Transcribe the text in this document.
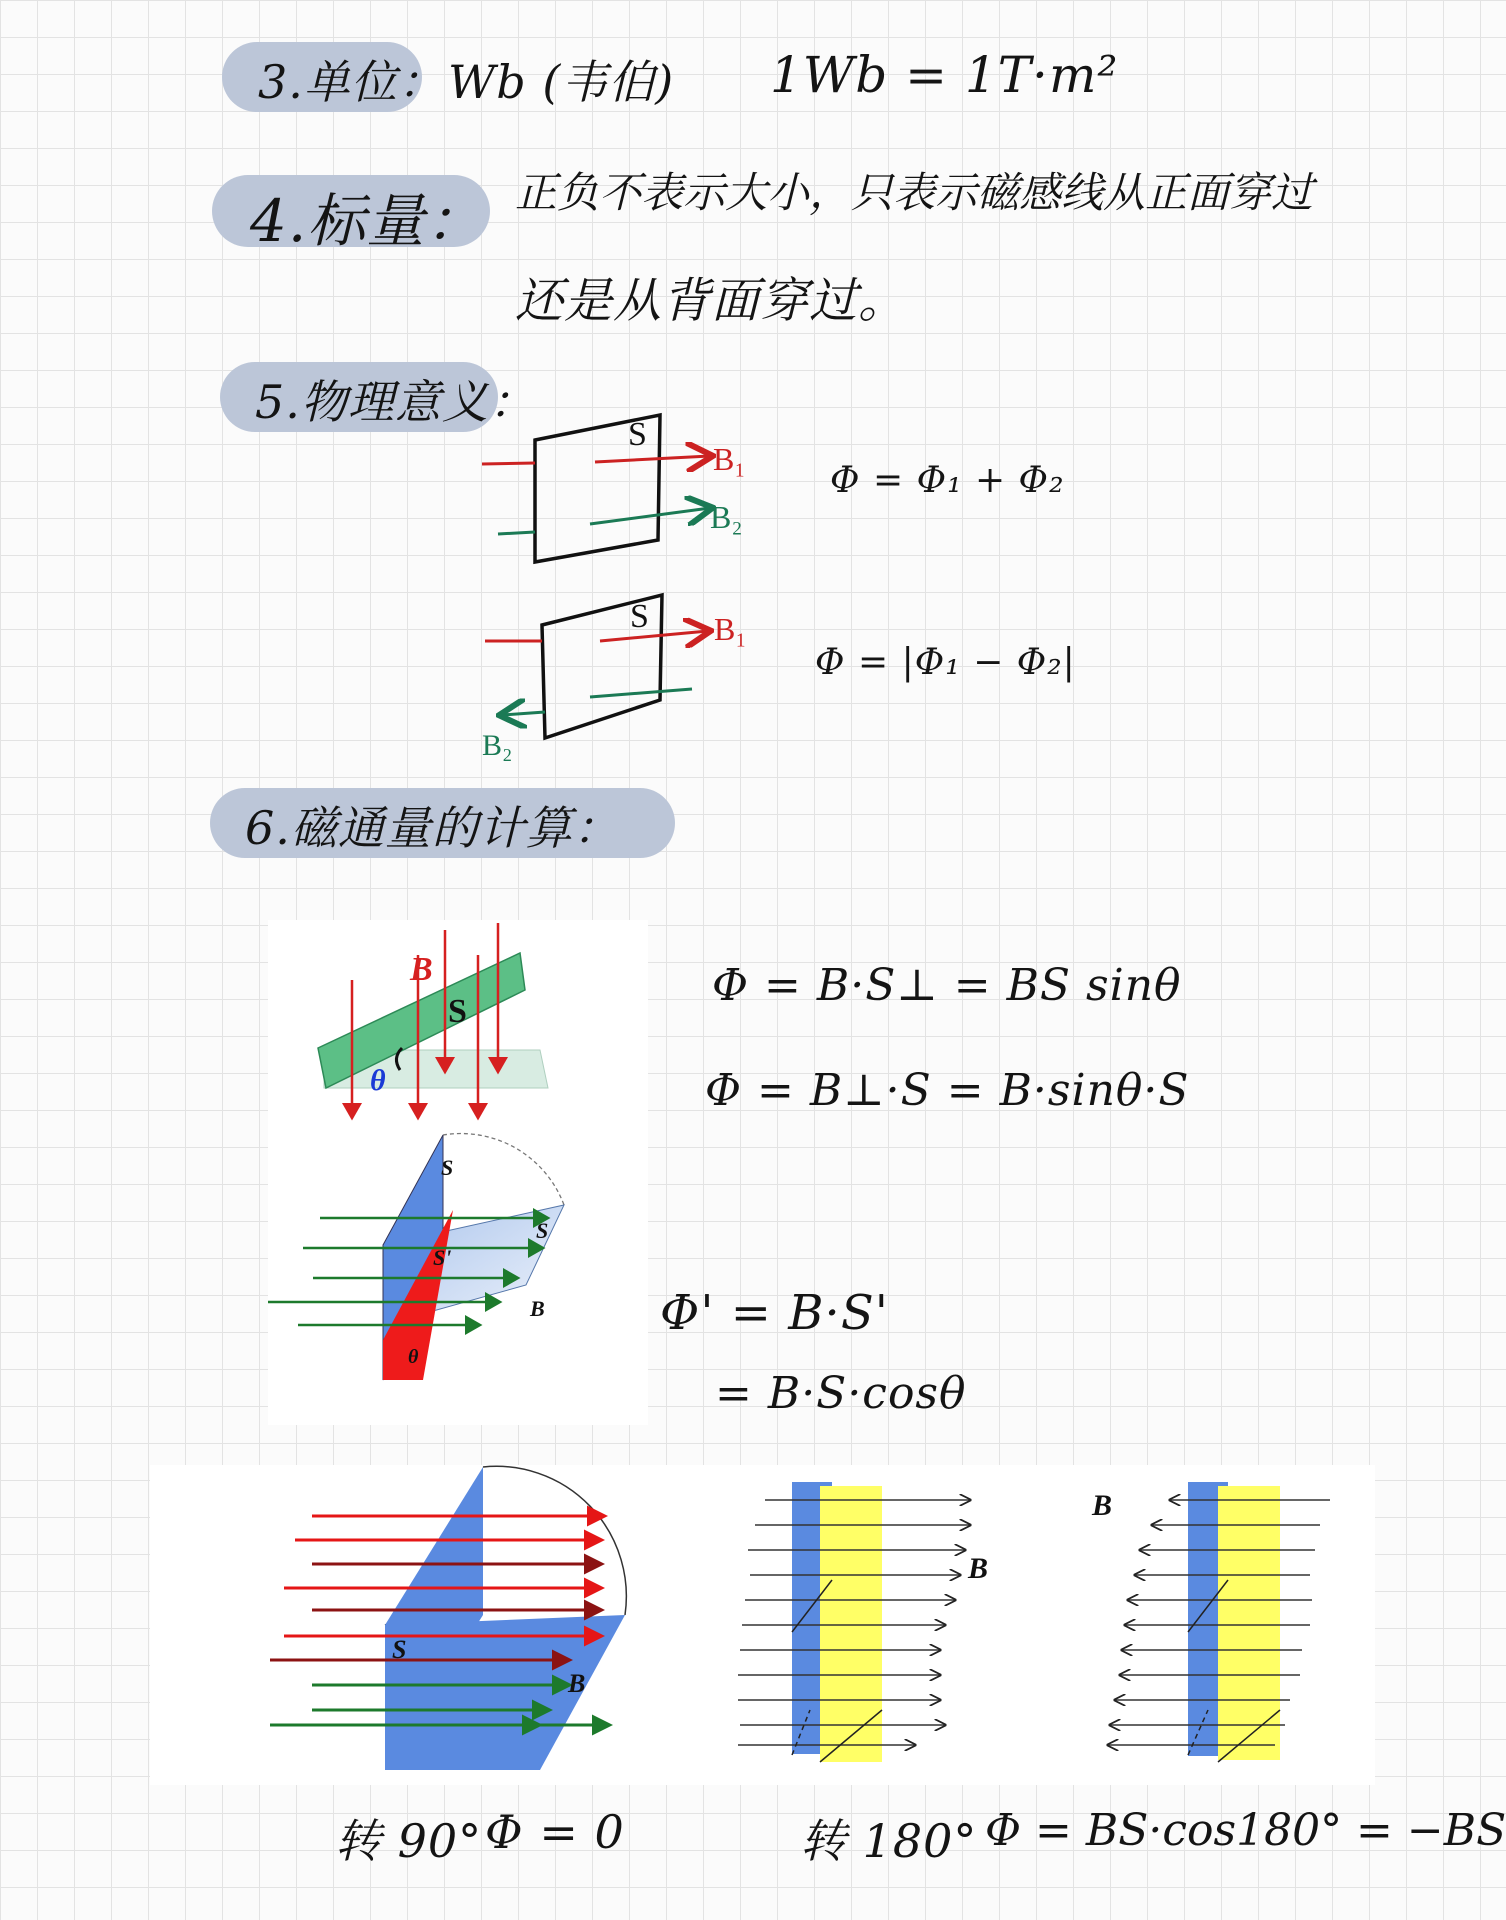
3.单位： Wb (韦伯) 1Wb = 1T·m²
4.标量： 正负不表示大小，只表示磁感线从正面穿过
还是从背面穿过。
5.物理意义：
S
B₁
B₂
Φ = Φ₁ + Φ₂
S B₁
B₂
Φ = |Φ₁ − Φ₂|
6.磁通量的计算：
B
S
θ
Φ = B·S⊥ = BS sinθ
Φ = B⊥·S = B·sinθ·S
S
S'
S
B
θ
Φ' = B·S'
= B·S·cosθ
S
B
B
B
转 90° Φ = 0	转 180° Φ = BS·cos180° = −BS
